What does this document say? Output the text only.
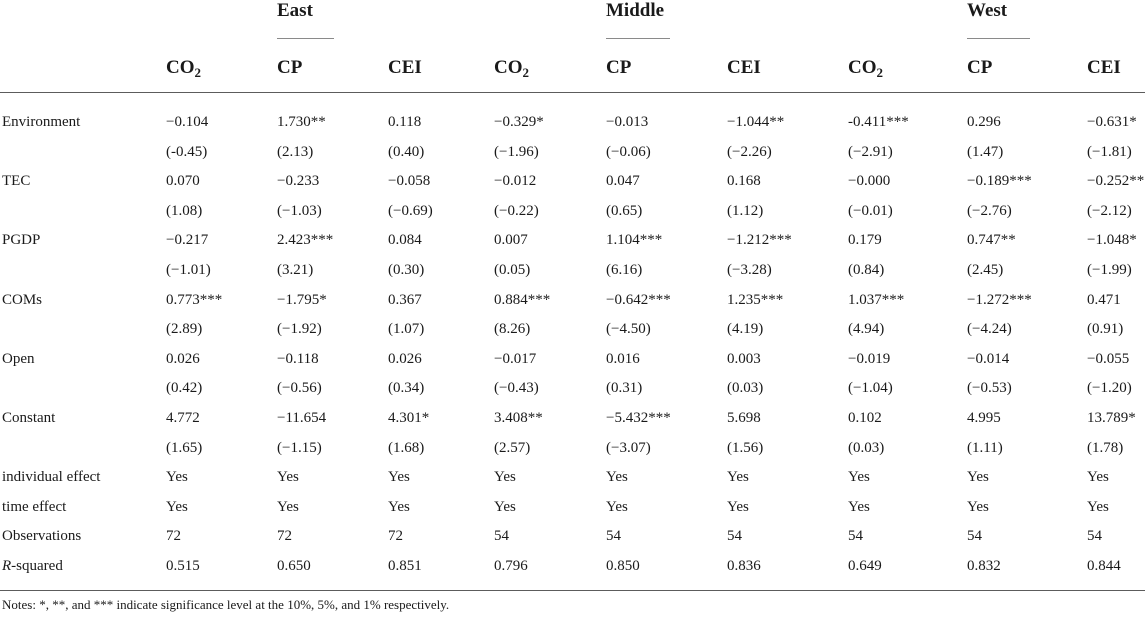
East	Middle	West
$CO_2$	CP	CEI	$CO_2$	CP	CEI	$CO_2$	CP	CEI
Environment	−0.104	1.730**	0.118	−0.329*	−0.013	−1.044**	-0.411***	0.296	−0.631*
(-0.45)	(2.13)	(0.40)	(−1.96)	(−0.06)	(−2.26)	(−2.91)	(1.47)	(−1.81)
TEC	0.070	−0.233	−0.058	−0.012	0.047	0.168	−0.000	−0.189***	−0.252**
(1.08)	(−1.03)	(−0.69)	(−0.22)	(0.65)	(1.12)	(−0.01)	(−2.76)	(−2.12)
PGDP	−0.217	2.423***	0.084	0.007	1.104***	−1.212***	0.179	0.747**	−1.048*
(−1.01)	(3.21)	(0.30)	(0.05)	(6.16)	(−3.28)	(0.84)	(2.45)	(−1.99)
COMs	0.773***	−1.795*	0.367	0.884***	−0.642***	1.235***	1.037***	−1.272***	0.471
(2.89)	(−1.92)	(1.07)	(8.26)	(−4.50)	(4.19)	(4.94)	(−4.24)	(0.91)
Open	0.026	−0.118	0.026	−0.017	0.016	0.003	−0.019	−0.014	−0.055
(0.42)	(−0.56)	(0.34)	(−0.43)	(0.31)	(0.03)	(−1.04)	(−0.53)	(−1.20)
Constant	4.772	−11.654	4.301*	3.408**	−5.432***	5.698	0.102	4.995	13.789*
(1.65)	(−1.15)	(1.68)	(2.57)	(−3.07)	(1.56)	(0.03)	(1.11)	(1.78)
individual effect	Yes	Yes	Yes	Yes	Yes	Yes	Yes	Yes	Yes
time effect	Yes	Yes	Yes	Yes	Yes	Yes	Yes	Yes	Yes
Observations	72	72	72	54	54	54	54	54	54
R-squared	0.515	0.650	0.851	0.796	0.850	0.836	0.649	0.832	0.844
Notes: *, **, and *** indicate significance level at the 10%, 5%, and 1% respectively.
